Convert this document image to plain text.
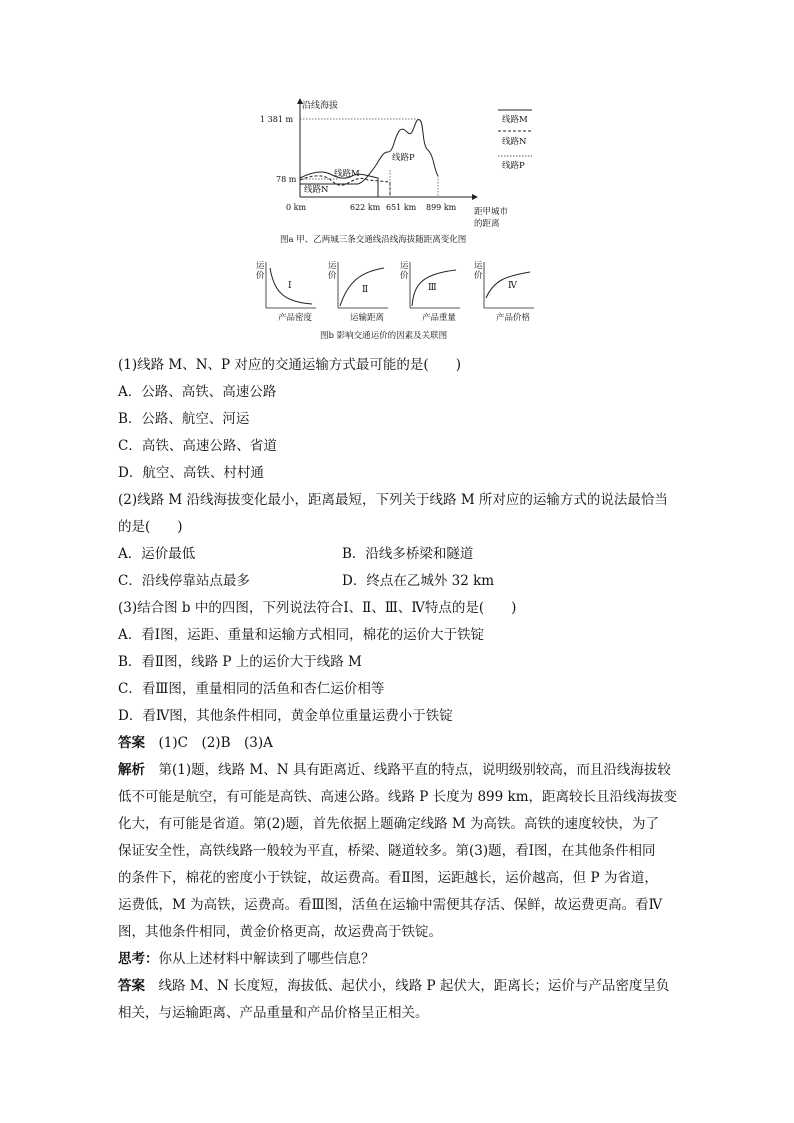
沿线海拔
1 381 m
78 m
0 km	622 km 651 km 899 km 距甲城市
的距离
线路M
线路N
线路P
线路M
线路N
线路P
图a 甲、乙两城三条交通线沿线海拔随距离变化图
运
价
Ⅰ
产品密度
运
价
Ⅱ
运输距离
运
价
Ⅲ
产品重量
运
价
Ⅳ
产品价格
图b 影响交通运价的因素及关联图

(1)线路 M、N、P 对应的交通运输方式最可能的是(　　)

A．公路、高铁、高速公路

B．公路、航空、河运

C．高铁、高速公路、省道

D．航空、高铁、村村通

(2)线路 M 沿线海拔变化最小，距离最短，下列关于线路 M 所对应的运输方式的说法最恰当

的是(　　)

A．运价最低	B．沿线多桥梁和隧道
C．沿线停靠站点最多	D．终点在乙城外 32 km

(3)结合图 b 中的四图，下列说法符合Ⅰ、Ⅱ、Ⅲ、Ⅳ特点的是(　　)

A．看Ⅰ图，运距、重量和运输方式相同，棉花的运价大于铁锭

B．看Ⅱ图，线路 P 上的运价大于线路 M

C．看Ⅲ图，重量相同的活鱼和杏仁运价相等

D．看Ⅳ图，其他条件相同，黄金单位重量运费小于铁锭

答案　 (1)C　(2)B　(3)A

解析　 第(1)题，线路 M、N 具有距离近、线路平直的特点，说明级别较高，而且沿线海拔较

低不可能是航空，有可能是高铁、高速公路。线路 P 长度为 899 km，距离较长且沿线海拔变

化大，有可能是省道。第(2)题，首先依据上题确定线路 M 为高铁。高铁的速度较快，为了

保证安全性，高铁线路一般较为平直，桥梁、隧道较多。第(3)题，看Ⅰ图，在其他条件相同

的条件下，棉花的密度小于铁锭，故运费高。看Ⅱ图，运距越长，运价越高，但 P 为省道，

运费低，M 为高铁，运费高。看Ⅲ图，活鱼在运输中需便其存活、保鲜，故运费更高。看Ⅳ

图，其他条件相同，黄金价格更高，故运费高于铁锭。

思考：你从上述材料中解读到了哪些信息？

答案　 线路 M、N 长度短，海拔低、起伏小，线路 P 起伏大，距离长；运价与产品密度呈负

相关，与运输距离、产品重量和产品价格呈正相关。
